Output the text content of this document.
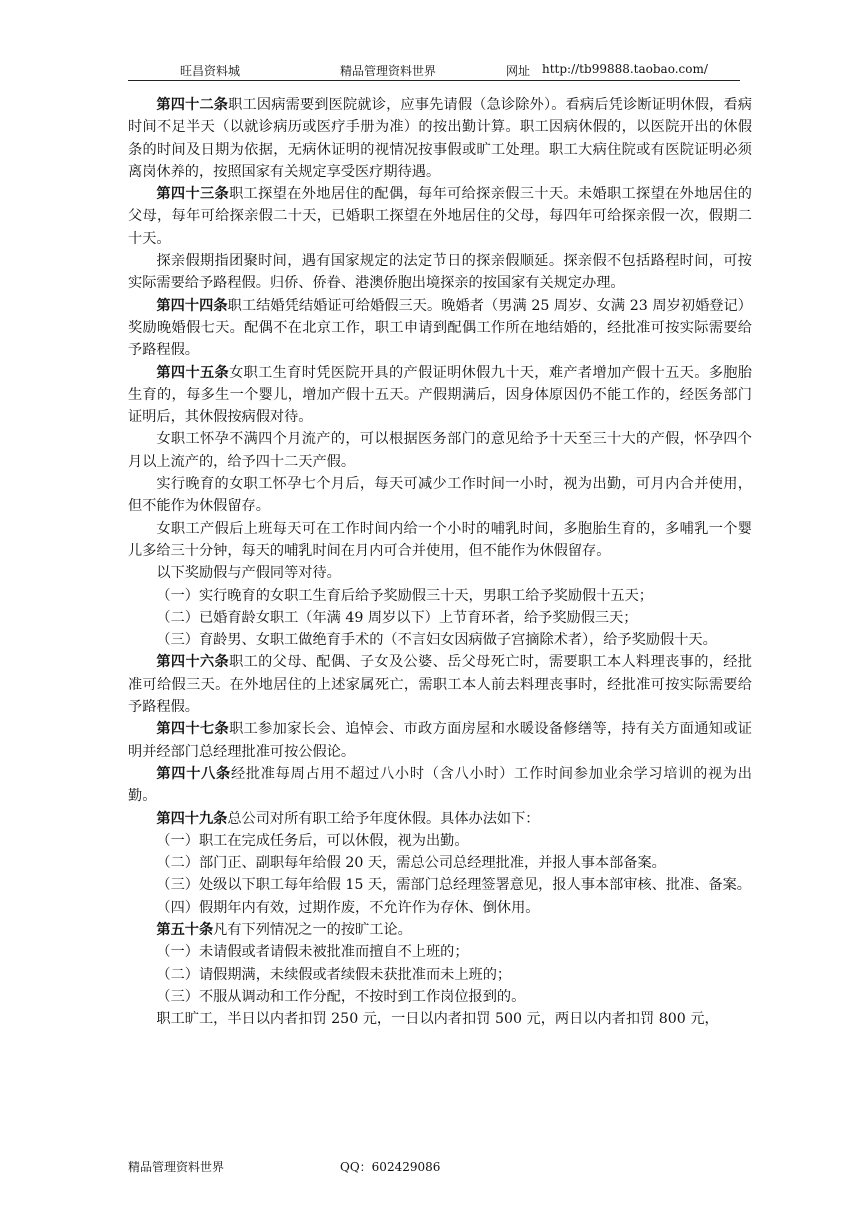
旺昌资料城	精品管理资料世界	网址 http://tb99888.taobao.com/

第四十二条职工因病需要到医院就诊，应事先请假（急诊除外）。看病后凭诊断证明休假，看病时间不足半天（以就诊病历或医疗手册为准）的按出勤计算。职工因病休假的，以医院开出的休假条的时间及日期为依据，无病休证明的视情况按事假或旷工处理。职工大病住院或有医院证明必须离岗休养的，按照国家有关规定享受医疗期待遇。

第四十三条职工探望在外地居住的配偶，每年可给探亲假三十天。未婚职工探望在外地居住的父母，每年可给探亲假二十天，已婚职工探望在外地居住的父母，每四年可给探亲假一次，假期二十天。

探亲假期指团聚时间，遇有国家规定的法定节日的探亲假顺延。探亲假不包括路程时间，可按实际需要给予路程假。归侨、侨眷、港澳侨胞出境探亲的按国家有关规定办理。

第四十四条职工结婚凭结婚证可给婚假三天。晚婚者（男满 25 周岁、女满 23 周岁初婚登记）奖励晚婚假七天。配偶不在北京工作，职工申请到配偶工作所在地结婚的，经批准可按实际需要给予路程假。

第四十五条女职工生育时凭医院开具的产假证明休假九十天，难产者增加产假十五天。多胞胎生育的，每多生一个婴儿，增加产假十五天。产假期满后，因身体原因仍不能工作的，经医务部门证明后，其休假按病假对待。

女职工怀孕不满四个月流产的，可以根据医务部门的意见给予十天至三十大的产假，怀孕四个月以上流产的，给予四十二天产假。

实行晚育的女职工怀孕七个月后，每天可减少工作时间一小时，视为出勤，可月内合并使用，但不能作为休假留存。

女职工产假后上班每天可在工作时间内给一个小时的哺乳时间，多胞胎生育的，多哺乳一个婴儿多给三十分钟，每天的哺乳时间在月内可合并使用，但不能作为休假留存。

以下奖励假与产假同等对待。

（一）实行晚育的女职工生育后给予奖励假三十天，男职工给予奖励假十五天；

（二）已婚育龄女职工（年满 49 周岁以下）上节育环者，给予奖励假三天；

（三）育龄男、女职工做绝育手术的（不言妇女因病做子宫摘除术者），给予奖励假十天。

第四十六条职工的父母、配偶、子女及公婆、岳父母死亡时，需要职工本人料理丧事的，经批准可给假三天。在外地居住的上述家属死亡，需职工本人前去料理丧事时，经批准可按实际需要给予路程假。

第四十七条职工参加家长会、追悼会、市政方面房屋和水暖设备修缮等，持有关方面通知或证明并经部门总经理批准可按公假论。

第四十八条经批准每周占用不超过八小时（含八小时）工作时间参加业余学习培训的视为出勤。

第四十九条总公司对所有职工给予年度休假。具体办法如下：

（一）职工在完成任务后，可以休假，视为出勤。

（二）部门正、副职每年给假 20 天，需总公司总经理批准，并报人事本部备案。

（三）处级以下职工每年给假 15 天，需部门总经理签署意见，报人事本部审核、批准、备案。

（四）假期年内有效，过期作废，不允许作为存休、倒休用。

第五十条凡有下列情况之一的按旷工论。

（一）未请假或者请假未被批准而擅自不上班的；

（二）请假期满，未续假或者续假未获批准而未上班的；

（三）不服从调动和工作分配，不按时到工作岗位报到的。

职工旷工，半日以内者扣罚 250 元，一日以内者扣罚 500 元，两日以内者扣罚 800 元，

精品管理资料世界	QQ：602429086
